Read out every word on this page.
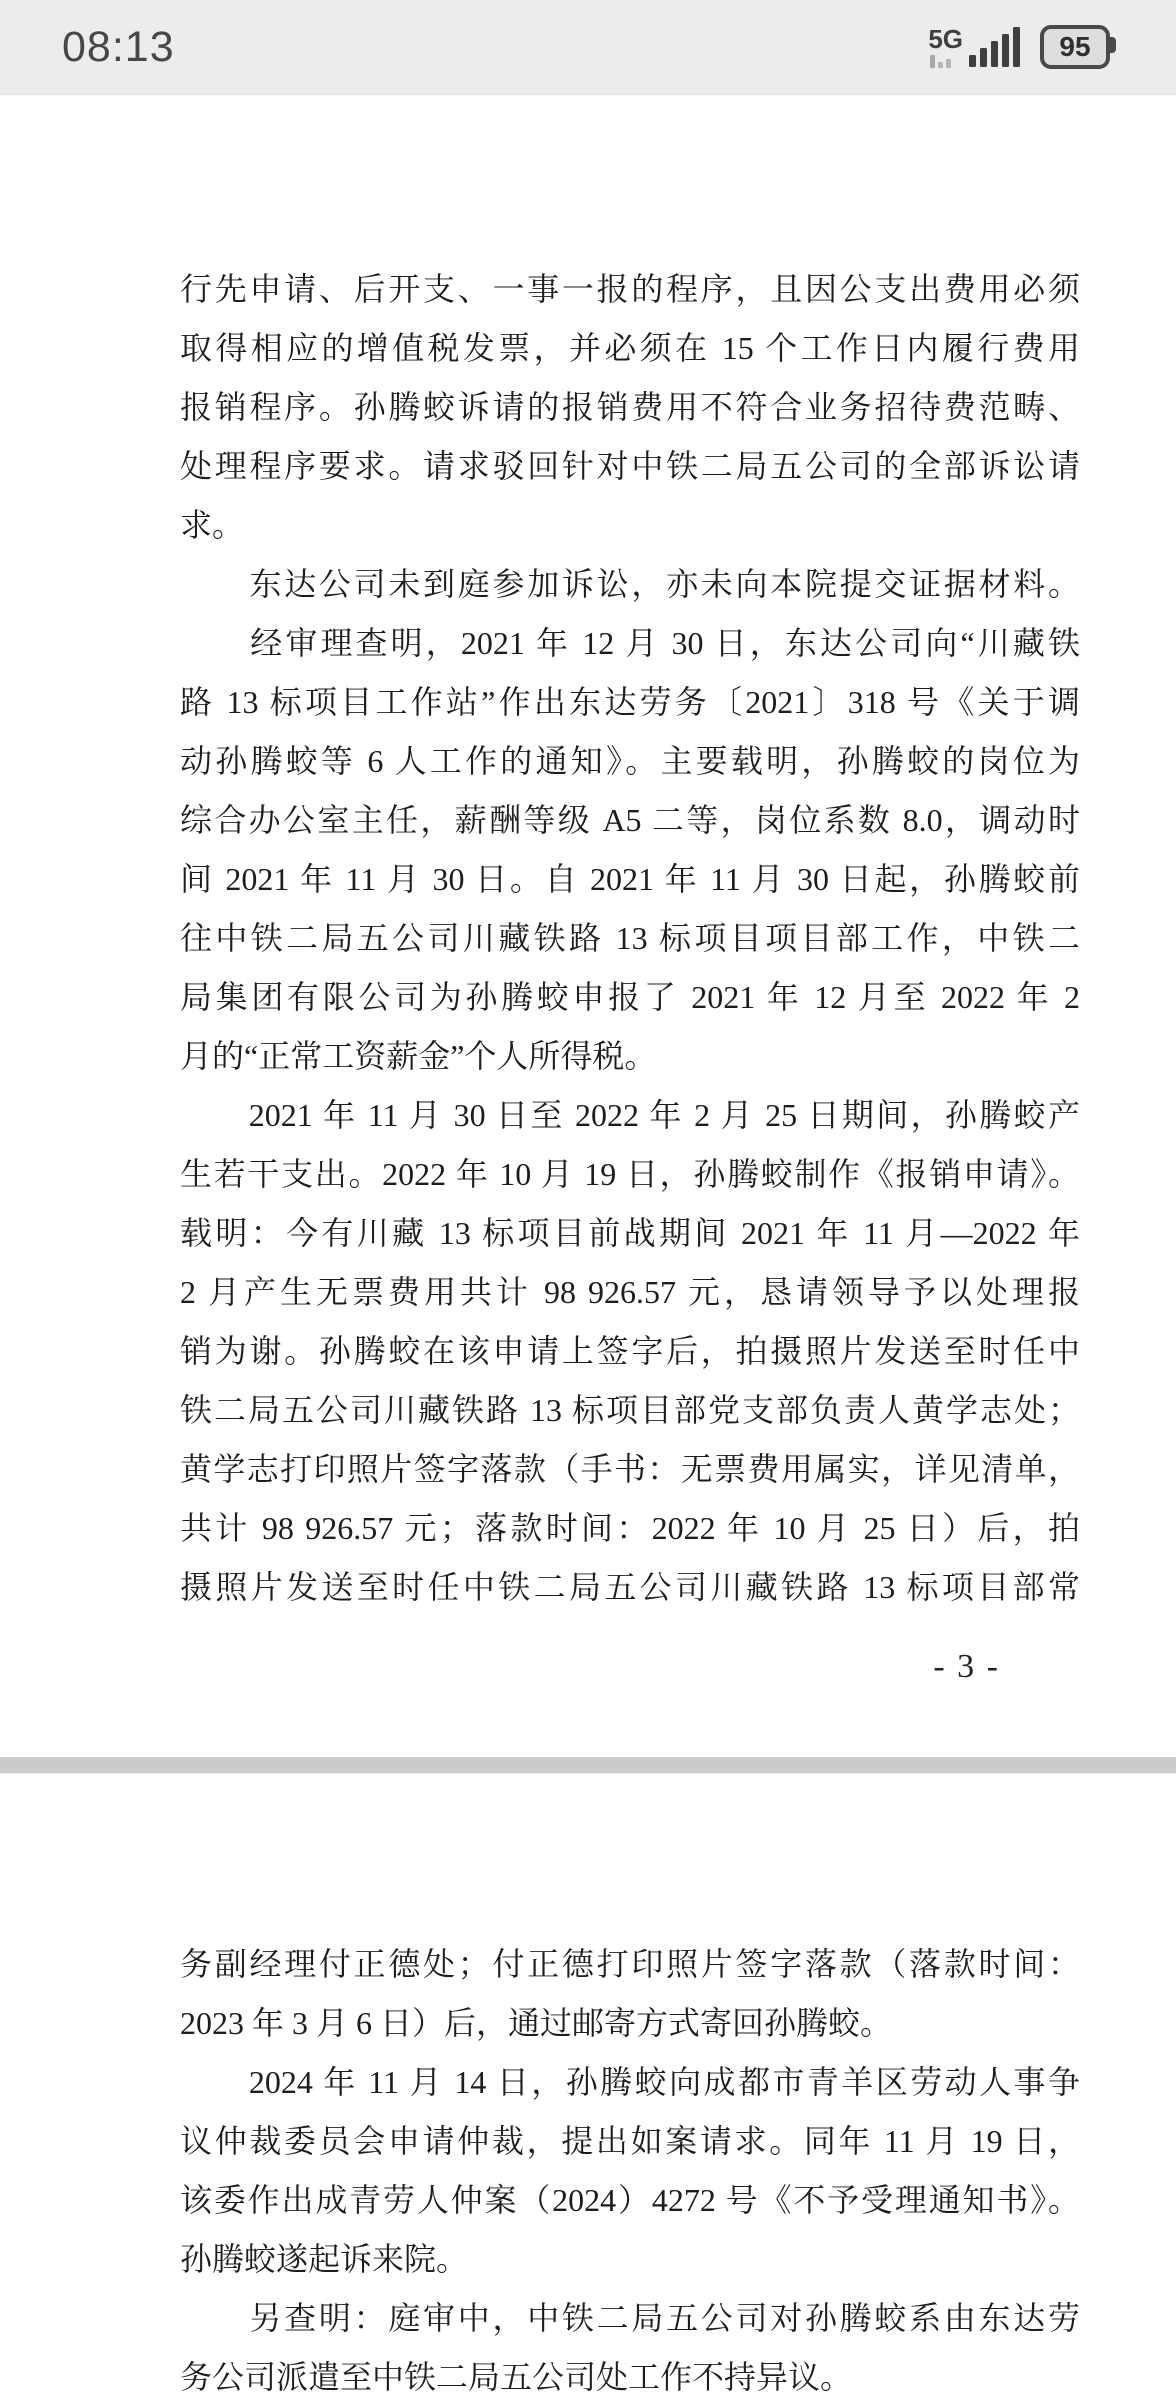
08:13	5G	95
行先申请、后开支、一事一报的程序，且因公支出费用必须
取得相应的增值税发票，并必须在 15 个工作日内履行费用
报销程序。孙腾蛟诉请的报销费用不符合业务招待费范畴、
处理程序要求。请求驳回针对中铁二局五公司的全部诉讼请
求。
　　东达公司未到庭参加诉讼，亦未向本院提交证据材料。
　　经审理查明，2021 年 12 月 30 日，东达公司向“川藏铁
路 13 标项目工作站”作出东达劳务〔2021〕318 号《关于调
动孙腾蛟等 6 人工作的通知》。主要载明，孙腾蛟的岗位为
综合办公室主任，薪酬等级 A5 二等，岗位系数 8.0，调动时
间 2021 年 11 月 30 日。自 2021 年 11 月 30 日起，孙腾蛟前
往中铁二局五公司川藏铁路 13 标项目项目部工作，中铁二
局集团有限公司为孙腾蛟申报了 2021 年 12 月至 2022 年 2
月的“正常工资薪金”个人所得税。
　　2021 年 11 月 30 日至 2022 年 2 月 25 日期间，孙腾蛟产
生若干支出。2022 年 10 月 19 日，孙腾蛟制作《报销申请》。
载明：今有川藏 13 标项目前战期间 2021 年 11 月—2022 年
2 月产生无票费用共计 98 926.57 元，恳请领导予以处理报
销为谢。孙腾蛟在该申请上签字后，拍摄照片发送至时任中
铁二局五公司川藏铁路 13 标项目部党支部负责人黄学志处；
黄学志打印照片签字落款（手书：无票费用属实，详见清单，
共计 98 926.57 元；落款时间：2022 年 10 月 25 日）后，拍
摄照片发送至时任中铁二局五公司川藏铁路 13 标项目部常
- 3 -
务副经理付正德处；付正德打印照片签字落款（落款时间：
2023 年 3 月 6 日）后，通过邮寄方式寄回孙腾蛟。
　　2024 年 11 月 14 日，孙腾蛟向成都市青羊区劳动人事争
议仲裁委员会申请仲裁，提出如案请求。同年 11 月 19 日，
该委作出成青劳人仲案（2024）4272 号《不予受理通知书》。
孙腾蛟遂起诉来院。
　　另查明：庭审中，中铁二局五公司对孙腾蛟系由东达劳
务公司派遣至中铁二局五公司处工作不持异议。
